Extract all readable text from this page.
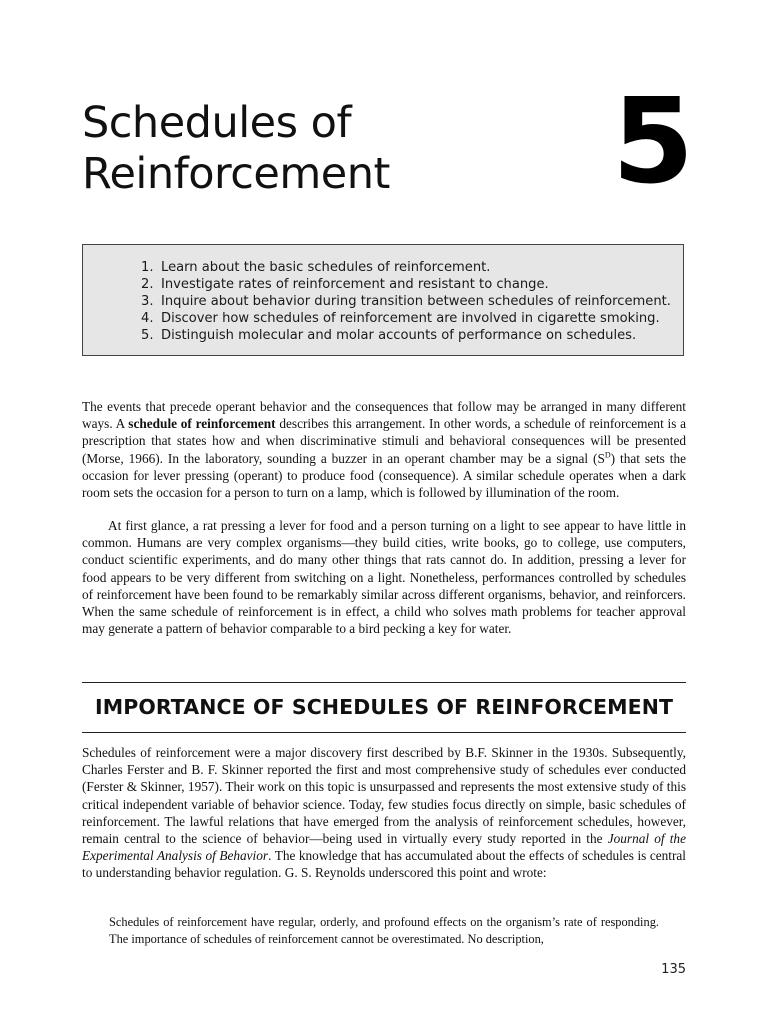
Schedules of
Reinforcement	5
1. Learn about the basic schedules of reinforcement.
2. Investigate rates of reinforcement and resistant to change.
3. Inquire about behavior during transition between schedules of reinforcement.
4. Discover how schedules of reinforcement are involved in cigarette smoking.
5. Distinguish molecular and molar accounts of performance on schedules.

The events that precede operant behavior and the consequences that follow may be arranged in many different ways. A schedule of reinforcement describes this arrangement. In other words, a schedule of reinforcement is a prescription that states how and when discriminative stimuli and behavioral consequences will be presented (Morse, 1966). In the laboratory, sounding a buzzer in an operant chamber may be a signal $(S^D)$ that sets the occasion for lever pressing (operant) to produce food (consequence). A similar schedule operates when a dark room sets the occasion for a person to turn on a lamp, which is followed by illumination of the room.

At first glance, a rat pressing a lever for food and a person turning on a light to see appear to have little in common. Humans are very complex organisms—they build cities, write books, go to college, use computers, conduct scientific experiments, and do many other things that rats cannot do. In addition, pressing a lever for food appears to be very different from switching on a light. Nonetheless, performances controlled by schedules of reinforcement have been found to be remarkably similar across different organisms, behavior, and reinforcers. When the same schedule of reinforcement is in effect, a child who solves math problems for teacher approval may generate a pattern of behavior comparable to a bird pecking a key for water.

IMPORTANCE OF SCHEDULES OF REINFORCEMENT

Schedules of reinforcement were a major discovery first described by B.F. Skinner in the 1930s. Subsequently, Charles Ferster and B. F. Skinner reported the first and most comprehensive study of schedules ever conducted (Ferster & Skinner, 1957). Their work on this topic is unsurpassed and represents the most extensive study of this critical independent variable of behavior science. Today, few studies focus directly on simple, basic schedules of reinforcement. The lawful relations that have emerged from the analysis of reinforcement schedules, however, remain central to the science of behavior—being used in virtually every study reported in the Journal of the Experimental Analysis of Behavior. The knowledge that has accumulated about the effects of schedules is central to understanding behavior regulation. G. S. Reynolds underscored this point and wrote:

Schedules of reinforcement have regular, orderly, and profound effects on the organism’s rate of responding. The importance of schedules of reinforcement cannot be overestimated. No description,

135
